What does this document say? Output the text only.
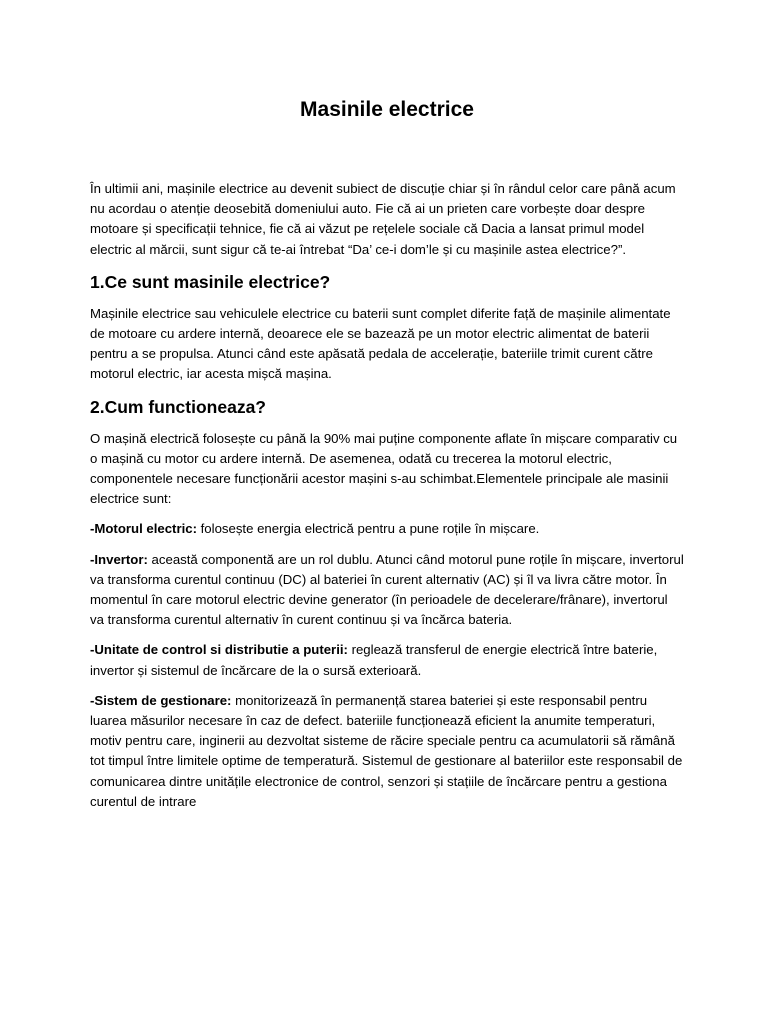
Masinile electrice

În ultimii ani, mașinile electrice au devenit subiect de discuție chiar și în rândul celor care până acum nu acordau o atenție deosebită domeniului auto. Fie că ai un prieten care vorbește doar despre motoare și specificații tehnice, fie că ai văzut pe rețelele sociale că Dacia a lansat primul model electric al mărcii, sunt sigur că te-ai întrebat “Da’ ce-i dom’le și cu mașinile astea electrice?”.

1.Ce sunt masinile electrice?

Mașinile electrice sau vehiculele electrice cu baterii sunt complet diferite față de mașinile alimentate de motoare cu ardere internă, deoarece ele se bazează pe un motor electric alimentat de baterii pentru a se propulsa. Atunci când este apăsată pedala de accelerație, bateriile trimit curent către motorul electric, iar acesta mișcă mașina.

2.Cum functioneaza?

O mașină electrică folosește cu până la 90% mai puține componente aflate în mișcare comparativ cu o mașină cu motor cu ardere internă. De asemenea, odată cu trecerea la motorul electric, componentele necesare funcționării acestor mașini s-au schimbat.Elementele principale ale masinii electrice sunt:

-Motorul electric: folosește energia electrică pentru a pune roțile în mișcare.

-Invertor: această componentă are un rol dublu. Atunci când motorul pune roțile în mișcare, invertorul va transforma curentul continuu (DC) al bateriei în curent alternativ (AC) și îl va livra către motor. În momentul în care motorul electric devine generator (în perioadele de decelerare/frânare), invertorul va transforma curentul alternativ în curent continuu și va încărca bateria.

-Unitate de control si distributie a puterii: reglează transferul de energie electrică între baterie, invertor și sistemul de încărcare de la o sursă exterioară.

-Sistem de gestionare: monitorizează în permanență starea bateriei și este responsabil pentru luarea măsurilor necesare în caz de defect. bateriile funcționează eficient la anumite temperaturi, motiv pentru care, inginerii au dezvoltat sisteme de răcire speciale pentru ca acumulatorii să rămână tot timpul între limitele optime de temperatură. Sistemul de gestionare al bateriilor este responsabil de comunicarea dintre unitățile electronice de control, senzori și stațiile de încărcare pentru a gestiona curentul de intrare
